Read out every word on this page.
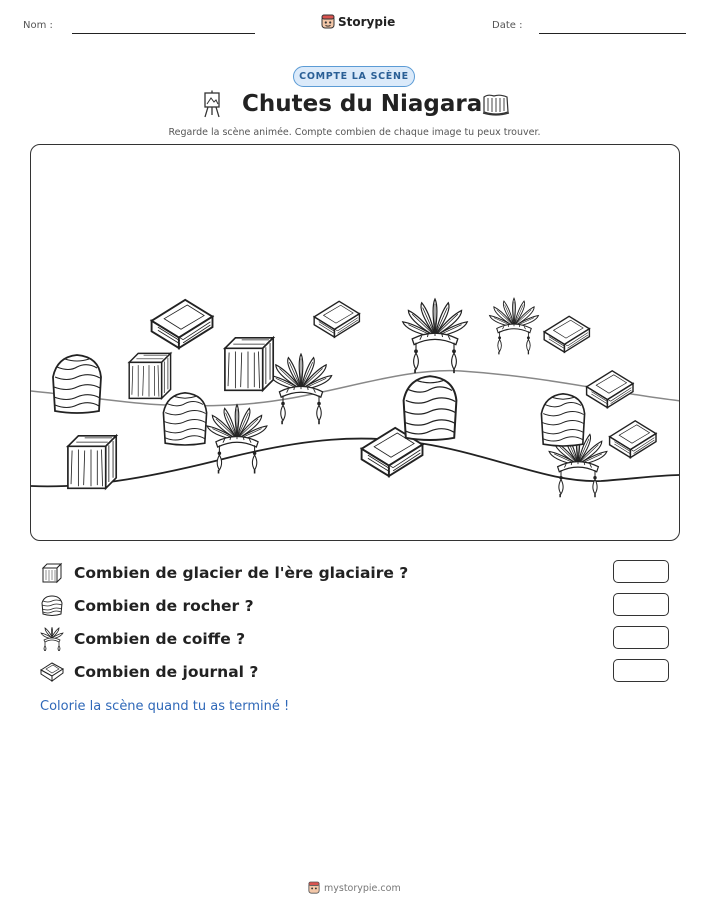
Nom :	Storypie	Date :
COMPTE LA SCÈNE
Chutes du Niagara
Regarde la scène animée. Compte combien de chaque image tu peux trouver.
Combien de glacier de l'ère glaciaire ?
Combien de rocher ?
Combien de coiffe ?
Combien de journal ?
Colorie la scène quand tu as terminé !
mystorypie.com
